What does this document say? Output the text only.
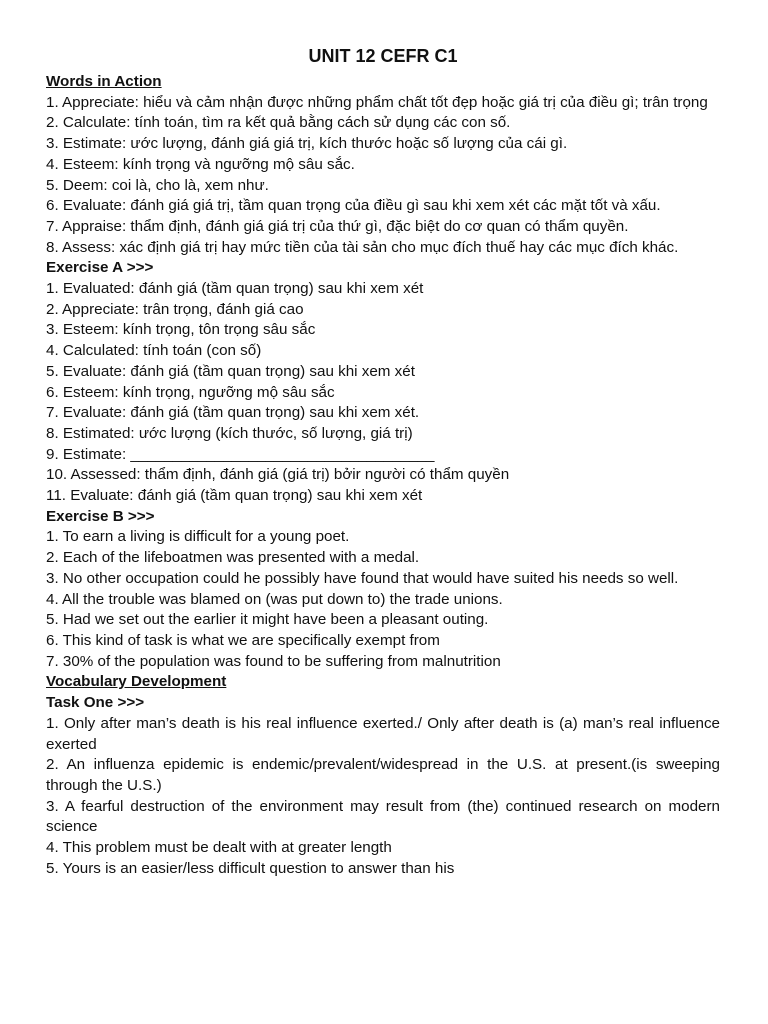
UNIT 12 CEFR C1
Words in Action
1. Appreciate: hiểu và cảm nhận được những phẩm chất tốt đẹp hoặc giá trị của điều gì; trân trọng
2. Calculate: tính toán, tìm ra kết quả bằng cách sử dụng các con số.
3. Estimate: ước lượng, đánh giá giá trị, kích thước hoặc số lượng của cái gì.
4. Esteem: kính trọng và ngưỡng mộ sâu sắc.
5. Deem: coi là, cho là, xem như.
6. Evaluate: đánh giá giá trị, tầm quan trọng của điều gì sau khi xem xét các mặt tốt và xấu.
7. Appraise: thẩm định, đánh giá giá trị của thứ gì, đặc biệt do cơ quan có thẩm quyền.
8. Assess: xác định giá trị hay mức tiền của tài sản cho mục đích thuế hay các mục đích khác.
Exercise A >>>
1. Evaluated: đánh giá (tầm quan trọng) sau khi xem xét
2. Appreciate: trân trọng, đánh giá cao
3. Esteem: kính trọng, tôn trọng sâu sắc
4. Calculated: tính toán (con số)
5. Evaluate: đánh giá (tầm quan trọng) sau khi xem xét
6. Esteem: kính trọng, ngưỡng mộ sâu sắc
7. Evaluate: đánh giá (tầm quan trọng) sau khi xem xét.
8. Estimated: ước lượng (kích thước, số lượng, giá trị)
9. Estimate: ____________________________________
10. Assessed: thẩm định, đánh giá (giá trị) bởir người có thẩm quyền
11. Evaluate: đánh giá (tầm quan trọng) sau khi xem xét
Exercise B >>>
1. To earn a living is difficult for a young poet.
2. Each of the lifeboatmen was presented with a medal.
3. No other occupation could he possibly have found that would have suited his needs so well.
4. All the trouble was blamed on (was put down to) the trade unions.
5. Had we set out the earlier it might have been a pleasant outing.
6. This kind of task is what we are specifically exempt from
7. 30% of the population was found to be suffering from malnutrition
Vocabulary Development
Task One >>>
1. Only after man’s death is his real influence exerted./ Only after death is (a) man’s real influence exerted
2. An influenza epidemic is endemic/prevalent/widespread in the U.S. at present.(is sweeping through the U.S.)
3. A fearful destruction of the environment may result from (the) continued research on modern science
4. This problem must be dealt with at greater length
5. Yours is an easier/less difficult question to answer than his
